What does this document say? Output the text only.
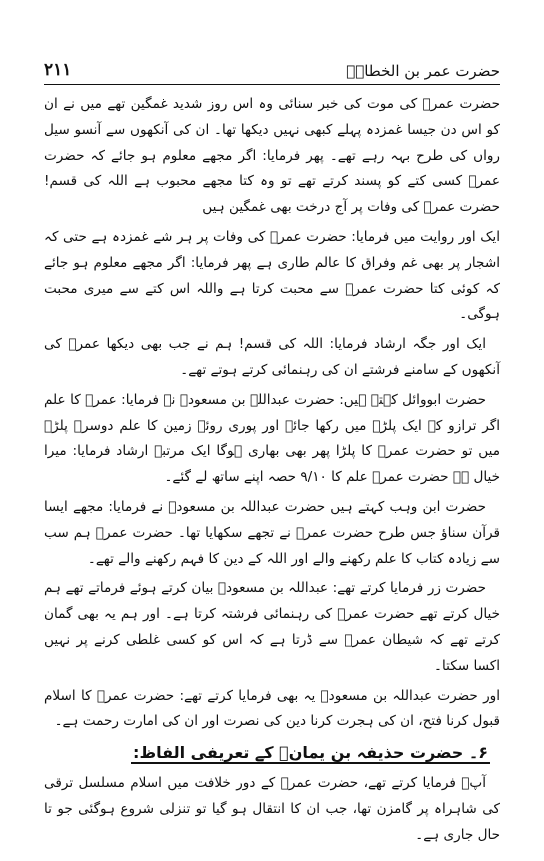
۲۱۱	حضرت عمر بن الخطابؓ

حضرت عمرؓ کی موت کی خبر سنائی وہ اس روز شدید غمگین تھے میں نے ان کو اس دن جیسا غمزدہ پہلے کبھی نہیں دیکھا تھا۔ ان کی آنکھوں سے آنسو سیل رواں کی طرح بہہ رہے تھے۔ پھر فرمایا: اگر مجھے معلوم ہو جائے کہ حضرت عمرؓ کسی کتے کو پسند کرتے تھے تو وہ کتا مجھے محبوب ہے اللہ کی قسم! حضرت عمرؓ کی وفات پر آج درخت بھی غمگین ہیں

ایک اور روایت میں فرمایا: حضرت عمرؓ کی وفات پر ہر شے غمزدہ ہے حتی کہ اشجار پر بھی غم وفراق کا عالم طاری ہے پھر فرمایا: اگر مجھے معلوم ہو جائے کہ کوئی کتا حضرت عمرؓ سے محبت کرتا ہے واللہ اس کتے سے میری محبت ہوگی۔

ایک اور جگہ ارشاد فرمایا: اللہ کی قسم! ہم نے جب بھی دیکھا عمرؓ کی آنکھوں کے سامنے فرشتے ان کی رہنمائی کرتے ہوتے تھے۔

حضرت ابووائل کہتے ہیں: حضرت عبداللہ بن مسعودؓ نے فرمایا: عمرؓ کا علم اگر ترازو کے ایک پلڑے میں رکھا جائے اور پوری روئے زمین کا علم دوسرے پلڑے میں تو حضرت عمرؓ کا پلڑا پھر بھی بھاری ہوگا ایک مرتبہ ارشاد فرمایا: میرا خیال ہے حضرت عمرؓ علم کا ۹/۱۰ حصہ اپنے ساتھ لے گئے۔

حضرت ابن وہب کہتے ہیں حضرت عبداللہ بن مسعودؓ نے فرمایا: مجھے ایسا قرآن سناؤ جس طرح حضرت عمرؓ نے تجھے سکھایا تھا۔ حضرت عمرؓ ہم سب سے زیادہ کتاب کا علم رکھنے والے اور اللہ کے دین کا فہم رکھنے والے تھے۔

حضرت زر فرمایا کرتے تھے: عبداللہ بن مسعودؓ بیان کرتے ہوئے فرماتے تھے ہم خیال کرتے تھے حضرت عمرؓ کی رہنمائی فرشتہ کرتا ہے۔ اور ہم یہ بھی گمان کرتے تھے کہ شیطان عمرؓ سے ڈرتا ہے کہ اس کو کسی غلطی کرنے پر نہیں اکسا سکتا۔

اور حضرت عبداللہ بن مسعودؓ یہ بھی فرمایا کرتے تھے: حضرت عمرؓ کا اسلام قبول کرنا فتح، ان کی ہجرت کرنا دین کی نصرت اور ان کی امارت رحمت ہے۔

۶۔ حضرت حذیفہ بن یمانؓ کے تعریفی الفاظ:

آپؓ فرمایا کرتے تھے، حضرت عمرؓ کے دور خلافت میں اسلام مسلسل ترقی کی شاہراہ پر گامزن تھا، جب ان کا انتقال ہو گیا تو تنزلی شروع ہوگئی جو تا حال جاری ہے۔
